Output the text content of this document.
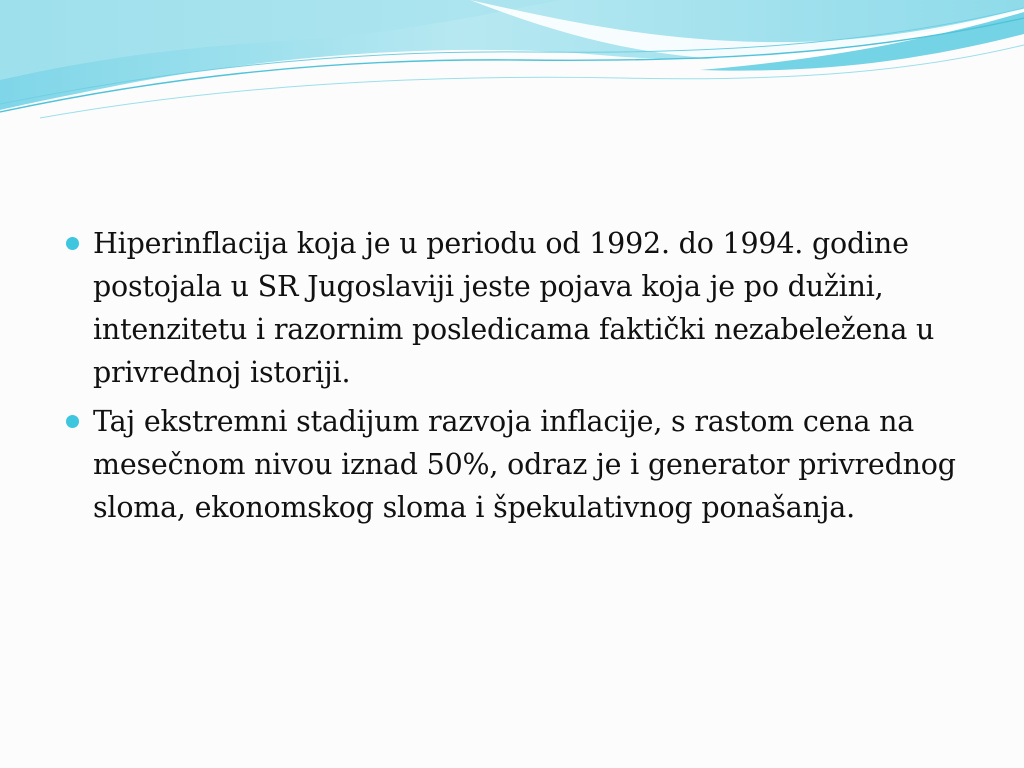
Hiperinflacija koja je u periodu od 1992. do 1994. godine postojala u SR Jugoslaviji jeste pojava koja je po dužini, intenzitetu i razornim posledicama faktički nezabeležena u privrednoj istoriji.
Taj ekstremni stadijum razvoja inflacije, s rastom cena na mesečnom nivou iznad 50%, odraz je i generator privrednog sloma, ekonomskog sloma i špekulativnog ponašanja.
